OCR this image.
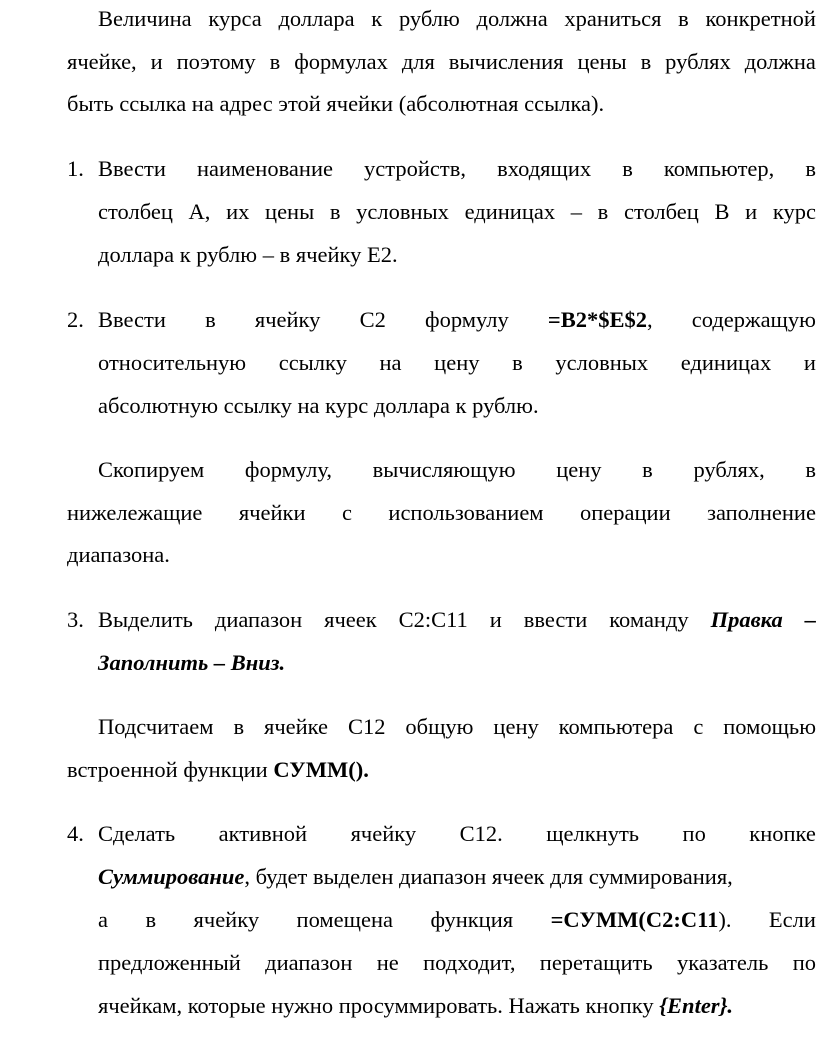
Величина курса доллара к рублю должна храниться в конкретной
ячейке, и поэтому в формулах для вычисления цены в рублях должна
быть ссылка на адрес этой ячейки (абсолютная ссылка).
1. Ввести наименование устройств, входящих в компьютер, в
столбец А, их цены в условных единицах – в столбец В и курс
доллара к рублю – в ячейку Е2.
2. Ввести в ячейку С2 формулу =B2*$E$2, содержащую
относительную ссылку на цену в условных единицах и
абсолютную ссылку на курс доллара к рублю.
Скопируем формулу, вычисляющую цену в рублях, в
нижележащие ячейки с использованием операции заполнение
диапазона.
3. Выделить диапазон ячеек С2:С11 и ввести команду Правка –
Заполнить – Вниз.
Подсчитаем в ячейке С12 общую цену компьютера с помощью
встроенной функции СУММ().
4. Сделать активной ячейку С12. щелкнуть по кнопке
Суммирование, будет выделен диапазон ячеек для суммирования,
а в ячейку помещена функция =СУММ(С2:С11). Если
предложенный диапазон не подходит, перетащить указатель по
ячейкам, которые нужно просуммировать. Нажать кнопку {Enter}.
